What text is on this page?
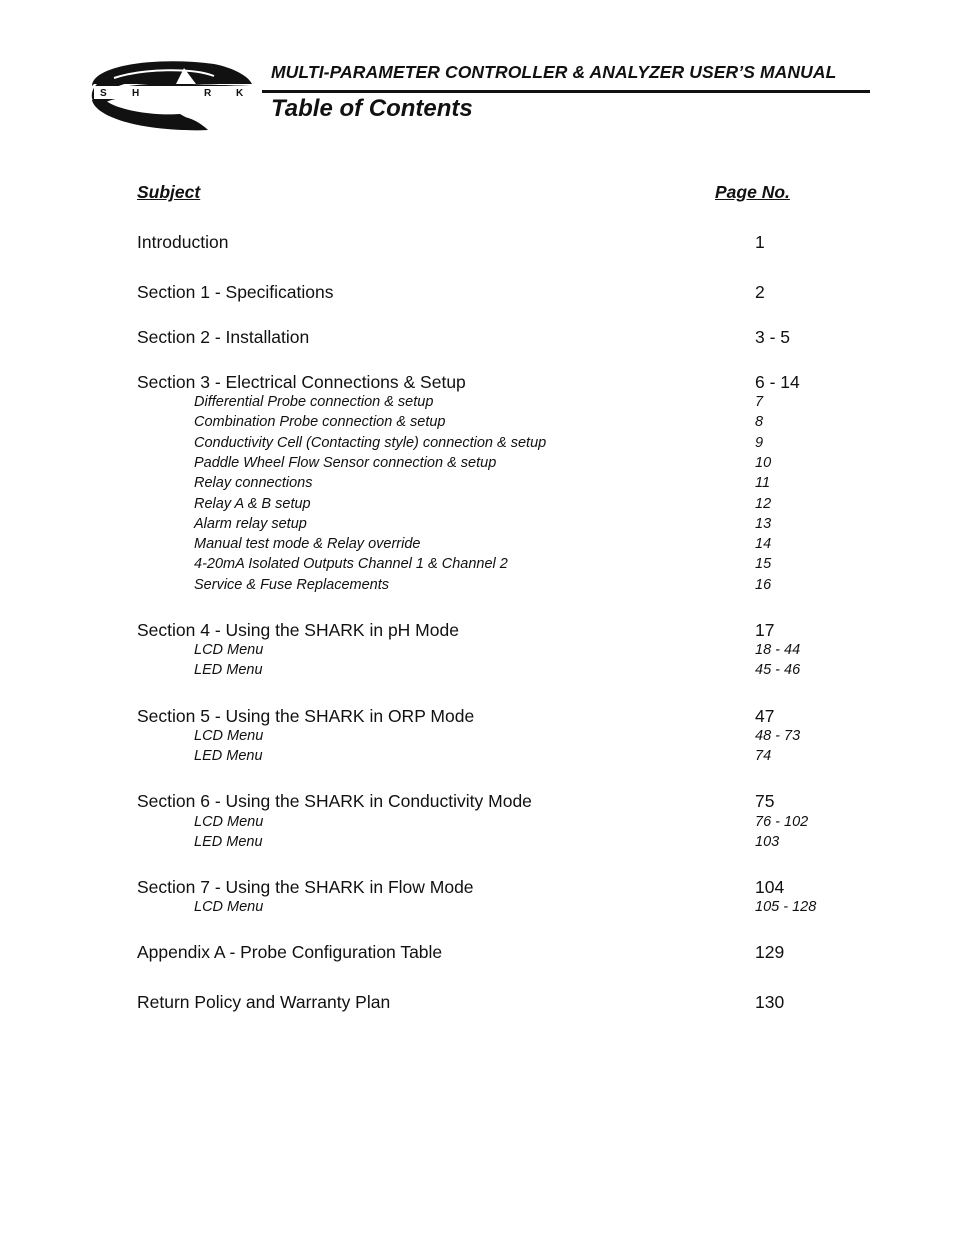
S	H	A	R K
MULTI-PARAMETER CONTROLLER & ANALYZER USER’S MANUAL
Table of Contents
Subject	Page No.
Introduction	1
Section 1 - Specifications	2
Section 2 - Installation	3 - 5
Section 3 - Electrical Connections & Setup	6 - 14
Differential Probe connection & setup	7
Combination Probe connection & setup	8
Conductivity Cell (Contacting style) connection & setup	9
Paddle Wheel Flow Sensor connection & setup	10
Relay connections	11
Relay A & B setup	12
Alarm relay setup	13
Manual test mode & Relay override	14
4-20mA Isolated Outputs Channel 1 & Channel 2	15
Service & Fuse Replacements	16
Section 4 - Using the SHARK in pH Mode	17
LCD Menu	18 - 44
LED Menu	45 - 46
Section 5 - Using the SHARK in ORP Mode	47
LCD Menu	48 - 73
LED Menu	74
Section 6 - Using the SHARK in Conductivity Mode	75
LCD Menu	76 - 102
LED Menu	103
Section 7 - Using the SHARK in Flow Mode	104
LCD Menu	105 - 128
Appendix A - Probe Configuration Table	129
Return Policy and Warranty Plan	130
